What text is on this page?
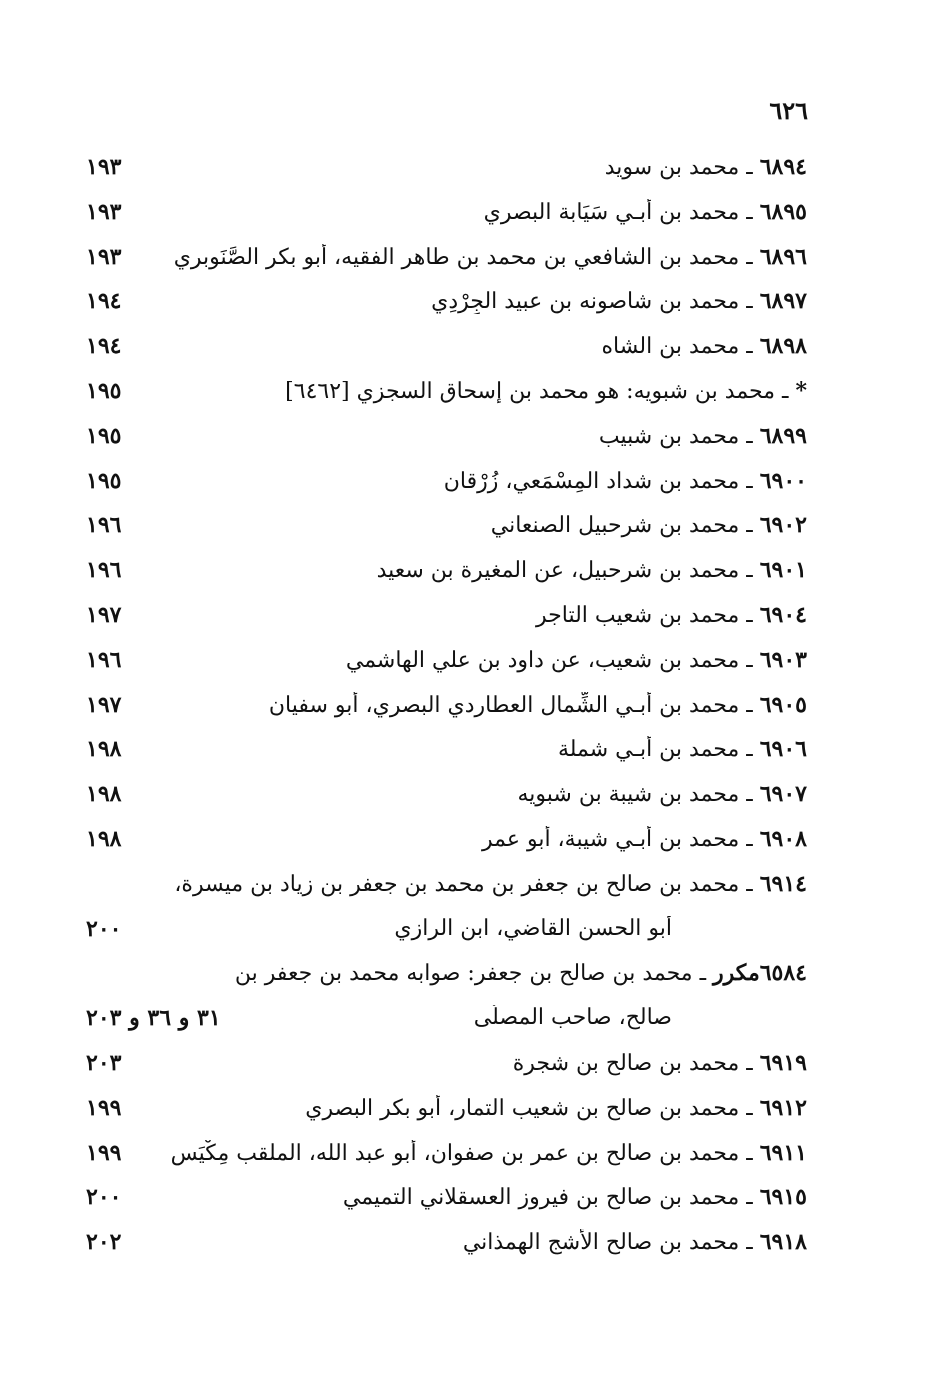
٦٢٦
٦٨٩٤ ـ محمد بن سويد
١٩٣
٦٨٩٥ ـ محمد بن أبـي سَيَابة البصري
١٩٣
٦٨٩٦ ـ محمد بن الشافعي بن محمد بن طاهر الفقيه، أبو بكر الصَّنَوبري
١٩٣
٦٨٩٧ ـ محمد بن شاصونه بن عبيد الجِرْدِي
١٩٤
٦٨٩٨ ـ محمد بن الشاه
١٩٤
* ـ محمد بن شبويه: هو محمد بن إسحاق السجزي [٦٤٦٢]
١٩٥
٦٨٩٩ ـ محمد بن شبيب
١٩٥
٦٩٠٠ ـ محمد بن شداد المِسْمَعي، زُرْقان
١٩٥
٦٩٠٢ ـ محمد بن شرحبيل الصنعاني
١٩٦
٦٩٠١ ـ محمد بن شرحبيل، عن المغيرة بن سعيد
١٩٦
٦٩٠٤ ـ محمد بن شعيب التاجر
١٩٧
٦٩٠٣ ـ محمد بن شعيب، عن داود بن علي الهاشمي
١٩٦
٦٩٠٥ ـ محمد بن أبـي الشِّمال العطاردي البصري، أبو سفيان
١٩٧
٦٩٠٦ ـ محمد بن أبـي شملة
١٩٨
٦٩٠٧ ـ محمد بن شيبة بن شبويه
١٩٨
٦٩٠٨ ـ محمد بن أبـي شيبة، أبو عمر
١٩٨
٦٩١٤ ـ محمد بن صالح بن جعفر بن محمد بن جعفر بن زياد بن ميسرة،
أبو الحسن القاضي، ابن الرازي
٢٠٠
٦٥٨٤مكرر ـ محمد بن صالح بن جعفر: صوابه محمد بن جعفر بن
صالح، صاحب المصلَّى
٣١ و ٣٦ و ٢٠٣
٦٩١٩ ـ محمد بن صالح بن شجرة
٢٠٣
٦٩١٢ ـ محمد بن صالح بن شعيب التمار، أبو بكر البصري
١٩٩
٦٩١١ ـ محمد بن صالح بن عمر بن صفوان، أبو عبد الله، الملقب مِكْيَس
١٩٩
٦٩١٥ ـ محمد بن صالح بن فيروز العسقلاني التميمي
٢٠٠
٦٩١٨ ـ محمد بن صالح الأشج الهمذاني
٢٠٢
